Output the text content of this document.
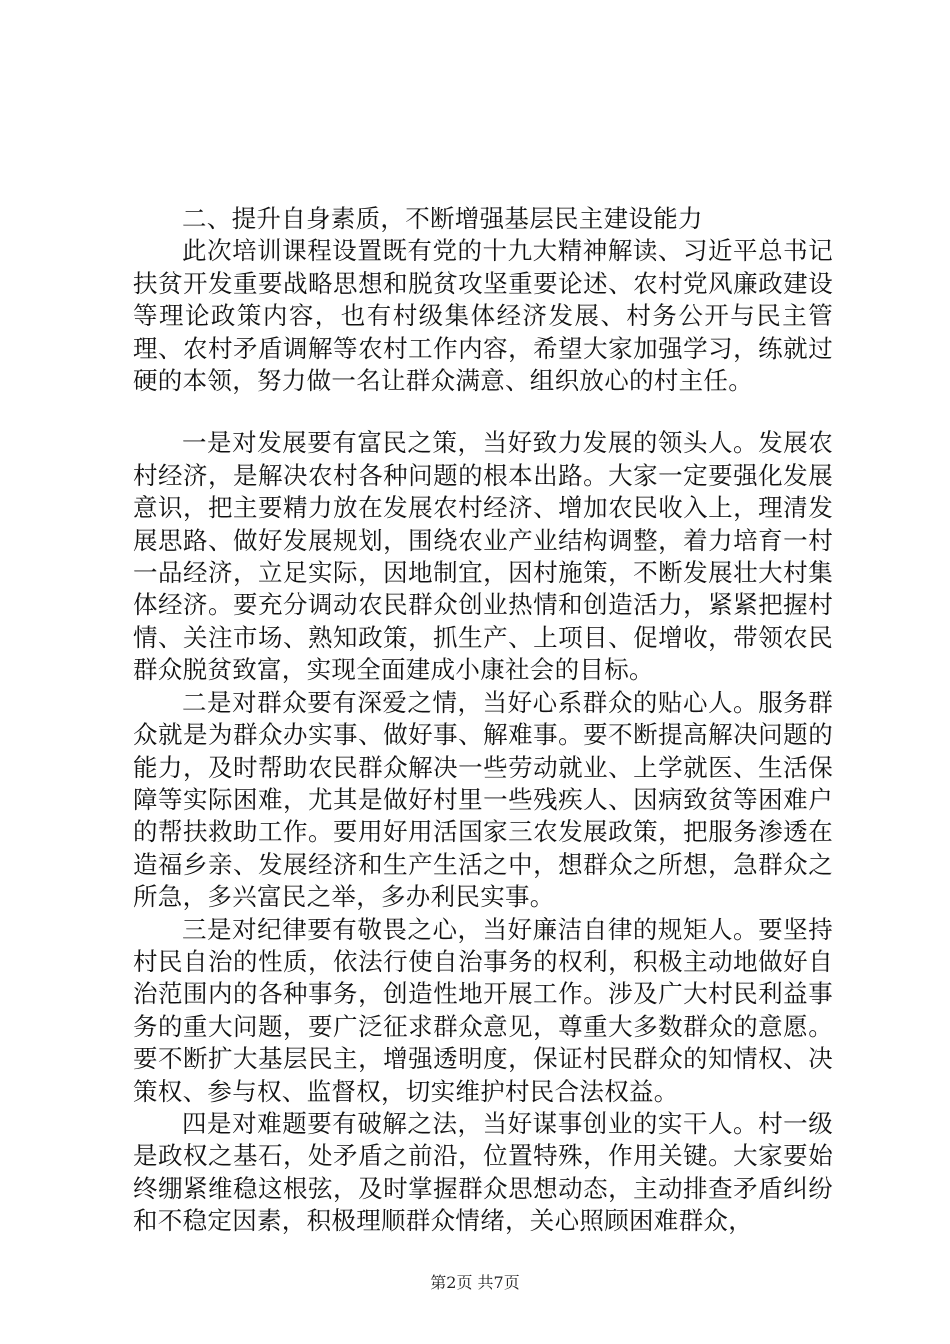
二、提升自身素质，不断增强基层民主建设能力

此次培训课程设置既有党的十九大精神解读、习近平总书记扶贫开发重要战略思想和脱贫攻坚重要论述、农村党风廉政建设等理论政策内容，也有村级集体经济发展、村务公开与民主管理、农村矛盾调解等农村工作内容，希望大家加强学习，练就过硬的本领，努力做一名让群众满意、组织放心的村主任。

一是对发展要有富民之策，当好致力发展的领头人。发展农村经济，是解决农村各种问题的根本出路。大家一定要强化发展意识，把主要精力放在发展农村经济、增加农民收入上，理清发展思路、做好发展规划，围绕农业产业结构调整，着力培育一村一品经济，立足实际，因地制宜，因村施策，不断发展壮大村集体经济。要充分调动农民群众创业热情和创造活力，紧紧把握村情、关注市场、熟知政策，抓生产、上项目、促增收，带领农民群众脱贫致富，实现全面建成小康社会的目标。

二是对群众要有深爱之情，当好心系群众的贴心人。服务群众就是为群众办实事、做好事、解难事。要不断提高解决问题的能力，及时帮助农民群众解决一些劳动就业、上学就医、生活保障等实际困难，尤其是做好村里一些残疾人、因病致贫等困难户的帮扶救助工作。要用好用活国家三农发展政策，把服务渗透在造福乡亲、发展经济和生产生活之中，想群众之所想，急群众之所急，多兴富民之举，多办利民实事。

三是对纪律要有敬畏之心，当好廉洁自律的规矩人。要坚持村民自治的性质，依法行使自治事务的权利，积极主动地做好自治范围内的各种事务，创造性地开展工作。涉及广大村民利益事务的重大问题，要广泛征求群众意见，尊重大多数群众的意愿。要不断扩大基层民主，增强透明度，保证村民群众的知情权、决策权、参与权、监督权，切实维护村民合法权益。

四是对难题要有破解之法，当好谋事创业的实干人。村一级是政权之基石，处矛盾之前沿，位置特殊，作用关键。大家要始终绷紧维稳这根弦，及时掌握群众思想动态，主动排查矛盾纠纷和不稳定因素，积极理顺群众情绪，关心照顾困难群众，

第2页 共7页
